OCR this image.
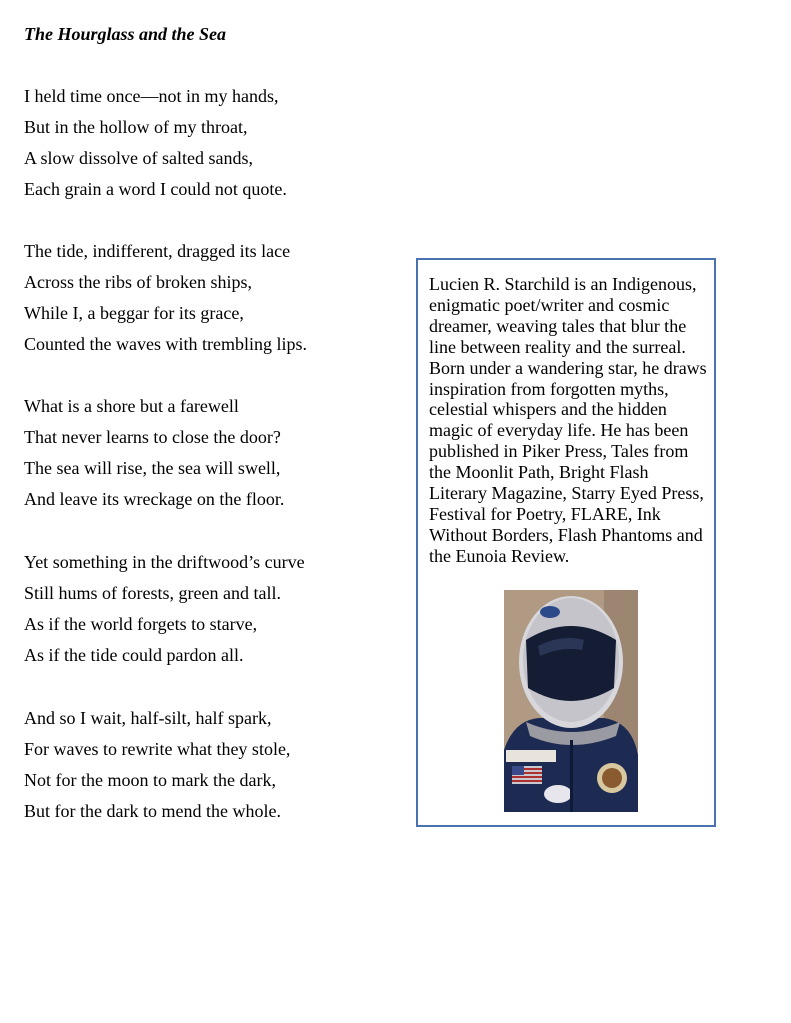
The Hourglass and the Sea
I held time once—not in my hands,
But in the hollow of my throat,
A slow dissolve of salted sands,
Each grain a word I could not quote.
The tide, indifferent, dragged its lace
Across the ribs of broken ships,
While I, a beggar for its grace,
Counted the waves with trembling lips.
What is a shore but a farewell
That never learns to close the door?
The sea will rise, the sea will swell,
And leave its wreckage on the floor.
Yet something in the driftwood’s curve
Still hums of forests, green and tall.
As if the world forgets to starve,
As if the tide could pardon all.
And so I wait, half-silt, half spark,
For waves to rewrite what they stole,
Not for the moon to mark the dark,
But for the dark to mend the whole.

Lucien R. Starchild is an Indigenous, enigmatic poet/writer and cosmic dreamer, weaving tales that blur the line between reality and the surreal. Born under a wandering star, he draws inspiration from forgotten myths, celestial whispers and the hidden magic of everyday life. He has been published in Piker Press, Tales from the Moonlit Path, Bright Flash Literary Magazine, Starry Eyed Press, Festival for Poetry, FLARE, Ink Without Borders, Flash Phantoms and the Eunoia Review.
